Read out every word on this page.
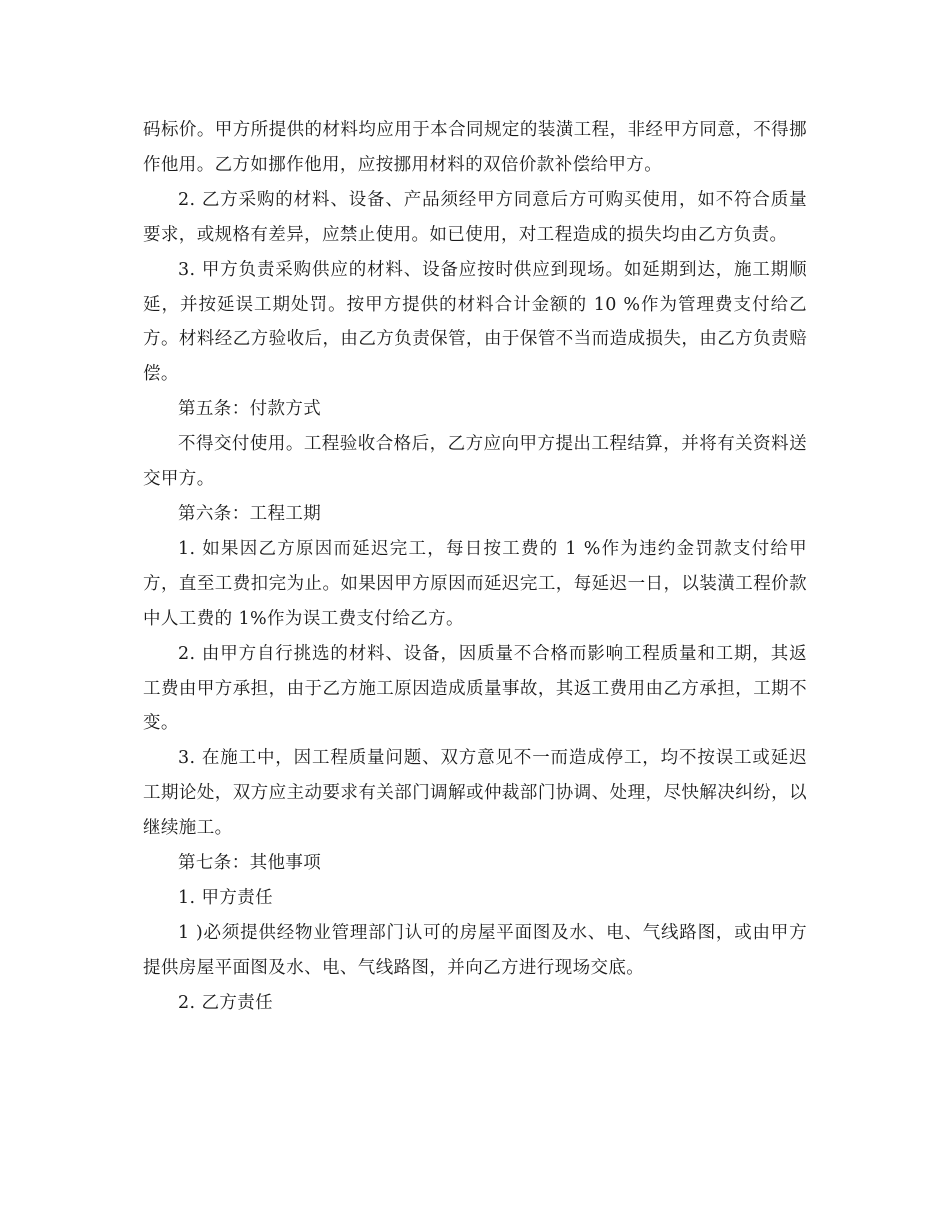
码标价。甲方所提供的材料均应用于本合同规定的装潢工程，非经甲方同意，不得挪作他用。乙方如挪作他用，应按挪用材料的双倍价款补偿给甲方。

2. 乙方采购的材料、设备、产品须经甲方同意后方可购买使用，如不符合质量要求，或规格有差异，应禁止使用。如已使用，对工程造成的损失均由乙方负责。

3. 甲方负责采购供应的材料、设备应按时供应到现场。如延期到达，施工期顺延，并按延误工期处罚。按甲方提供的材料合计金额的 10 %作为管理费支付给乙方。材料经乙方验收后，由乙方负责保管，由于保管不当而造成损失，由乙方负责赔偿。

第五条：付款方式

不得交付使用。工程验收合格后，乙方应向甲方提出工程结算，并将有关资料送交甲方。

第六条：工程工期

1. 如果因乙方原因而延迟完工，每日按工费的 1 %作为违约金罚款支付给甲方，直至工费扣完为止。如果因甲方原因而延迟完工，每延迟一日，以装潢工程价款中人工费的 1%作为误工费支付给乙方。

2. 由甲方自行挑选的材料、设备，因质量不合格而影响工程质量和工期，其返工费由甲方承担，由于乙方施工原因造成质量事故，其返工费用由乙方承担，工期不变。

3. 在施工中，因工程质量问题、双方意见不一而造成停工，均不按误工或延迟工期论处，双方应主动要求有关部门调解或仲裁部门协调、处理，尽快解决纠纷，以继续施工。

第七条：其他事项

1. 甲方责任

1 )必须提供经物业管理部门认可的房屋平面图及水、电、气线路图，或由甲方提供房屋平面图及水、电、气线路图，并向乙方进行现场交底。

2. 乙方责任
